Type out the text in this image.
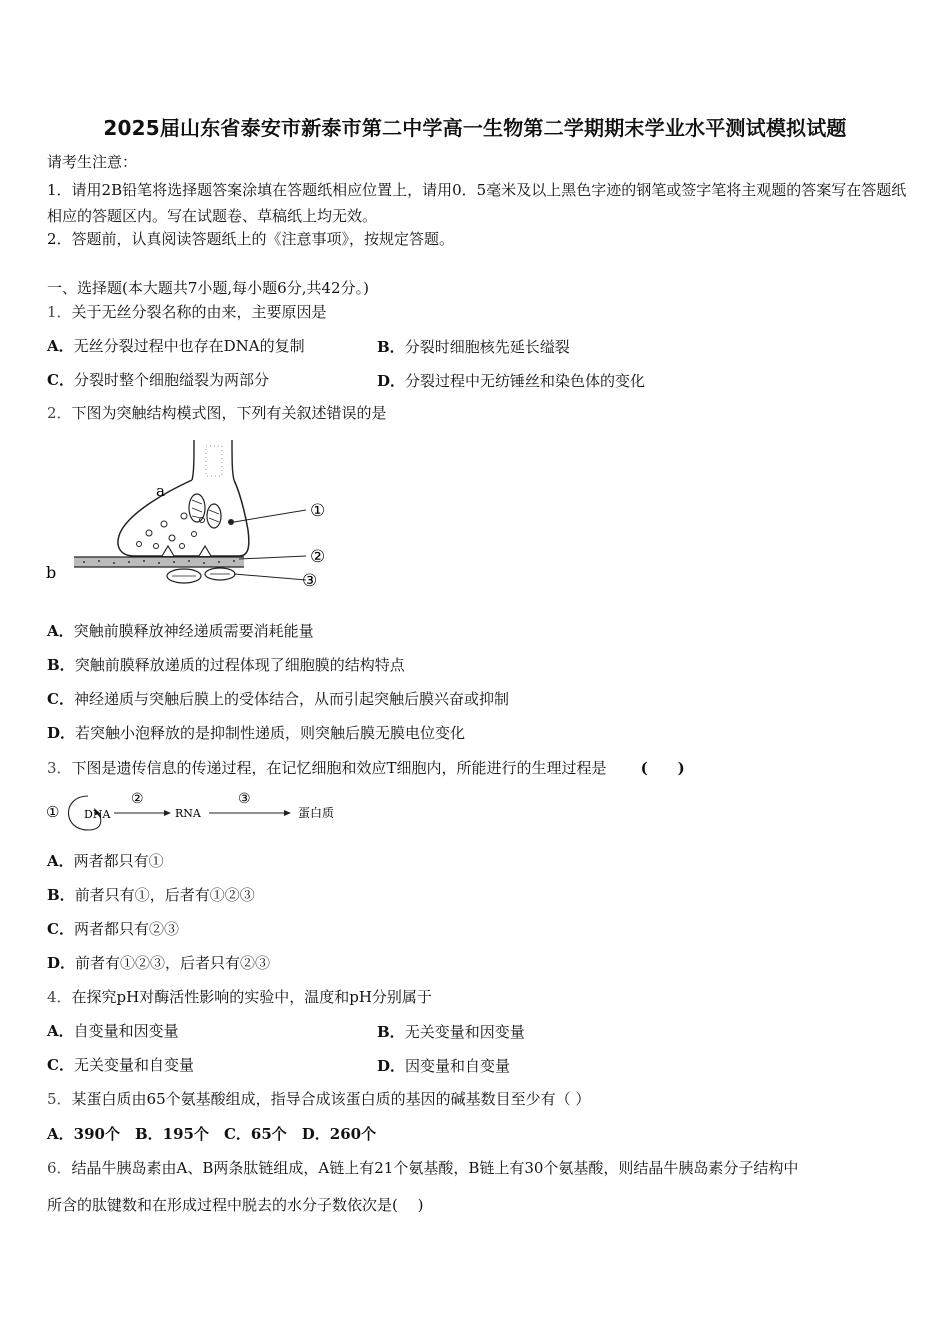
2025届山东省泰安市新泰市第二中学高一生物第二学期期末学业水平测试模拟试题
请考生注意：
1．请用2B铅笔将选择题答案涂填在答题纸相应位置上，请用0．5毫米及以上黑色字迹的钢笔或签字笔将主观题的答案写在答题纸相应的答题区内。写在试题卷、草稿纸上均无效。
2．答题前，认真阅读答题纸上的《注意事项》，按规定答题。
一、选择题(本大题共7小题,每小题6分,共42分。)
1．关于无丝分裂名称的由来，主要原因是
A．无丝分裂过程中也存在DNA的复制	B．分裂时细胞核先延长缢裂
C．分裂时整个细胞缢裂为两部分	D．分裂过程中无纺锤丝和染色体的变化
2．下图为突触结构模式图，下列有关叙述错误的是
a
b
①
②
③
A．突触前膜释放神经递质需要消耗能量
B．突触前膜释放递质的过程体现了细胞膜的结构特点
C．神经递质与突触后膜上的受体结合，从而引起突触后膜兴奋或抑制
D．若突触小泡释放的是抑制性递质，则突触后膜无膜电位变化
3．下图是遗传信息的传递过程，在记忆细胞和效应T细胞内，所能进行的生理过程是 (　　)
① DNA
②
RNA
③
蛋白质
A．两者都只有①
B．前者只有①，后者有①②③
C．两者都只有②③
D．前者有①②③，后者只有②③
4．在探究pH对酶活性影响的实验中，温度和pH分别属于
A．自变量和因变量	B．无关变量和因变量
C．无关变量和自变量	D．因变量和自变量
5．某蛋白质由65个氨基酸组成，指导合成该蛋白质的基因的碱基数目至少有（ ）
A．390个　B．195个　C．65个　D．260个
6．结晶牛胰岛素由A、B两条肽链组成，A链上有21个氨基酸，B链上有30个氨基酸，则结晶牛胰岛素分子结构中
所含的肽键数和在形成过程中脱去的水分子数依次是(　 )
